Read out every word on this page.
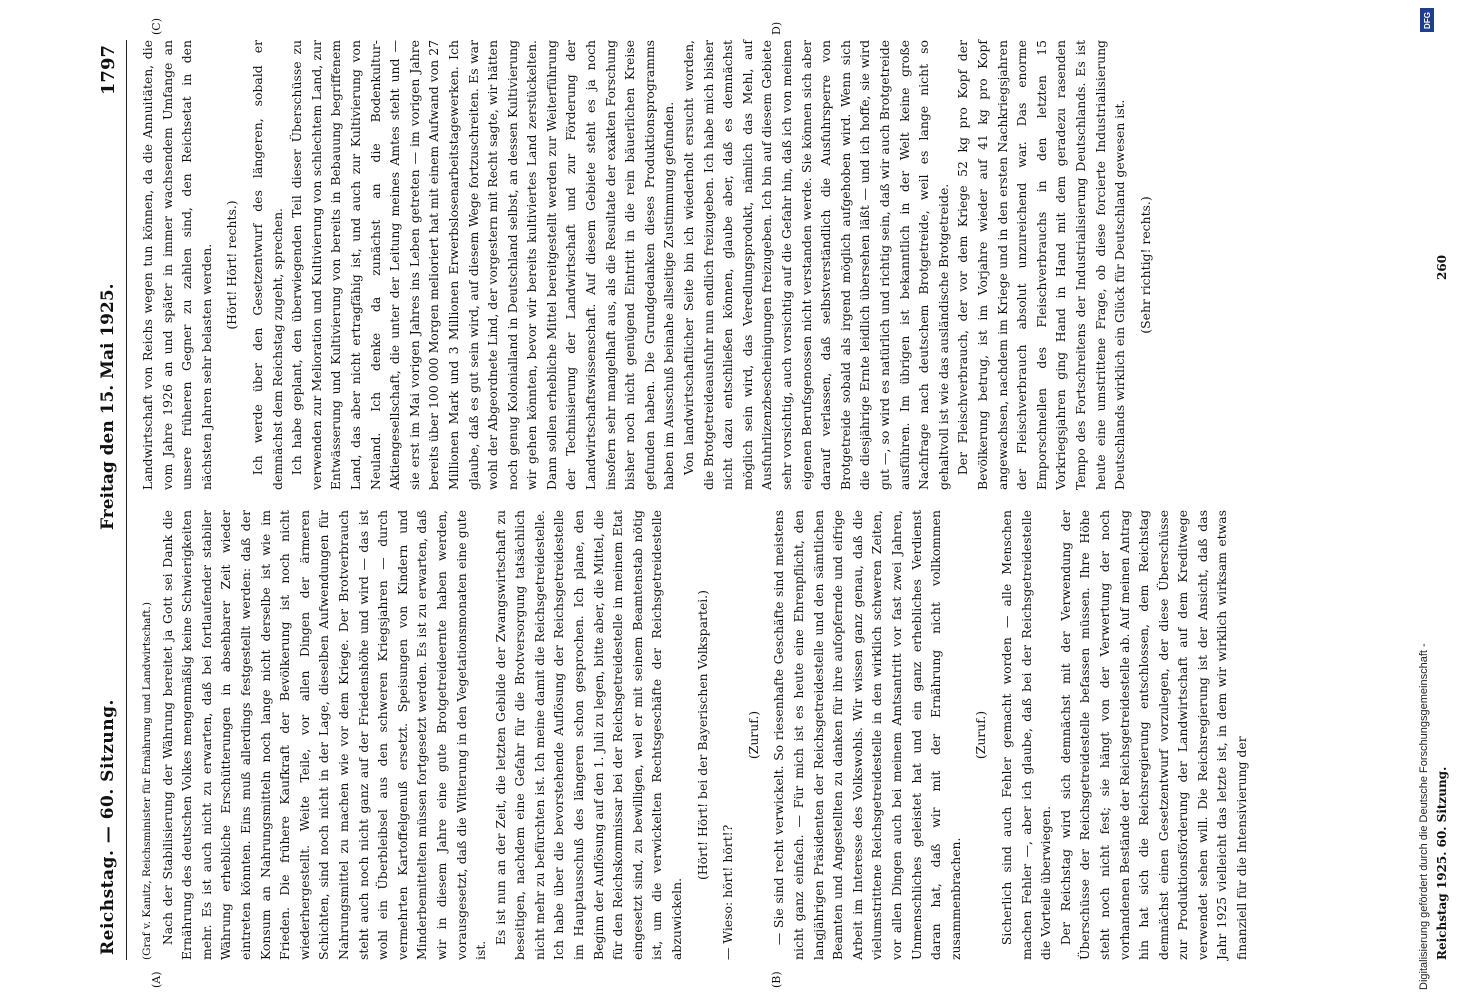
Reichstag. — 60. Sitzung.
Freitag den 15. Mai 1925.
1797

(Graf v. Kanitz, Reichsminister für Ernährung und Landwirtschaft.) Nach der Stabilisierung der Währung bereitet ja Gott sei Dank die Ernährung des deutschen Volkes mengenmäßig keine Schwierigkeiten mehr. Es ist auch nicht zu erwarten, daß bei fortlaufender stabiler Währung erhebliche Erschütterungen in absehbarer Zeit wieder eintreten könnten. Eins muß allerdings festgestellt werden: daß der Konsum an Nahrungsmitteln noch lange nicht derselbe ist wie im Frieden. Die frühere Kaufkraft der Bevölkerung ist noch nicht wiederhergestellt. Weite Teile, vor allen Dingen der ärmeren Schichten, sind noch nicht in der Lage, dieselben Aufwendungen für Nahrungsmittel zu machen wie vor dem Kriege. Der Brotverbrauch steht auch noch nicht ganz auf der Friedenshöhe und wird — das ist wohl ein Überbleibsel aus den schweren Kriegsjahren — durch vermehrten Kartoffelgenuß ersetzt. Speisungen von Kindern und Minderbemittelten müssen fortgesetzt werden. Es ist zu erwarten, daß wir in diesem Jahre eine gute Brotgetreideernte haben werden, vorausgesetzt, daß die Witterung in den Vegetationsmonaten eine gute ist.

Es ist nun an der Zeit, die letzten Gebilde der Zwangswirtschaft zu beseitigen, nachdem eine Gefahr für die Brotversorgung tatsächlich nicht mehr zu befürchten ist. Ich meine damit die Reichsgetreidestelle. Ich habe über die bevorstehende Auflösung der Reichsgetreidestelle im Hauptausschuß des längeren schon gesprochen. Ich plane, den Beginn der Auflösung auf den 1. Juli zu legen, bitte aber, die Mittel, die für den Reichskommissar bei der Reichsgetreidestelle in meinem Etat eingesetzt sind, zu bewilligen, weil er mit seinem Beamtenstab nötig ist, um die verwickelten Rechtsgeschäfte der Reichsgetreidestelle abzuwickeln.

(Hört! Hört! bei der Bayerischen Volkspartei.)

— Wieso: hört! hört!?

(Zuruf.) — Sie sind recht verwickelt. So riesenhafte Geschäfte sind meistens nicht ganz einfach. — Für mich ist es heute eine Ehrenpflicht, den langjährigen Präsidenten der Reichsgetreidestelle und den sämtlichen Beamten und Angestellten zu danken für ihre aufopfernde und eifrige Arbeit im Interesse des Volkswohls. Wir wissen ganz genau, daß die vielumstrittene Reichsgetreidestelle in den wirklich schweren Zeiten, vor allen Dingen auch bei meinem Amtsantritt vor fast zwei Jahren, Unmenschliches geleistet hat und ein ganz erhebliches Verdienst daran hat, daß wir mit der Ernährung nicht vollkommen zusammenbrachen.

(Zuruf.) Sicherlich sind auch Fehler gemacht worden — alle Menschen machen Fehler —, aber ich glaube, daß bei der Reichsgetreidestelle die Vorteile überwiegen. Der Reichstag wird sich demnächst mit der Verwendung der Überschüsse der Reichsgetreidestelle befassen müssen. Ihre Höhe steht noch nicht fest; sie hängt von der Verwertung der noch vorhandenen Bestände der Reichsgetreidestelle ab. Auf meinen Antrag hin hat sich die Reichsregierung entschlossen, dem Reichstag demnächst einen Gesetzentwurf vorzulegen, der diese Überschüsse zur Produktionsförderung der Landwirtschaft auf dem Kreditwege verwendet sehen will. Die Reichsregierung ist der Ansicht, daß das Jahr 1925 vielleicht das letzte ist, in dem wir wirklich wirksam etwas finanziell für die Intensivierung der

Landwirtschaft von Reichs wegen tun können, da die Annuitäten, die vom Jahre 1926 an und später in immer wachsendem Umfange an unsere früheren Gegner zu zahlen sind, den Reichsetat in den nächsten Jahren sehr belasten werden. (Hört! Hört! rechts.) Ich werde über den Gesetzentwurf des längeren, sobald er demnächst dem Reichstag zugeht, sprechen. Ich habe geplant, den überwiegenden Teil dieser Überschüsse zu verwenden zur Melioration und Kultivierung von schlechtem Land, zur Entwässerung und Kultivierung von bereits in Bebauung begriffenem Land, das aber nicht ertragfähig ist, und auch zur Kultivierung von Neuland. Ich denke da zunächst an die Bodenkultur-Aktiengesellschaft, die unter der Leitung meines Amtes steht und — sie erst im Mai vorigen Jahres ins Leben getreten — im vorigen Jahre bereits über 100 000 Morgen melioriert hat mit einem Aufwand von 27 Millionen Mark und 3 Millionen Erwerbslosenarbeitstagewerken. Ich glaube, daß es gut sein wird, auf diesem Wege fortzuschreiten. Es war wohl der Abgeordnete Lind, der vorgestern mit Recht sagte, wir hätten noch genug Kolonialland in Deutschland selbst, an dessen Kultivierung wir gehen könnten, bevor wir bereits kultiviertes Land zerstückelten. Dann sollen erhebliche Mittel bereitgestellt werden zur Weiterführung der Technisierung der Landwirtschaft und zur Förderung der Landwirtschaftswissenschaft. Auf diesem Gebiete steht es ja noch insofern sehr mangelhaft aus, als die Resultate der exakten Forschung bisher noch nicht genügend Eintritt in die rein bäuerlichen Kreise gefunden haben. Die Grundgedanken dieses Produktionsprogramms haben im Ausschuß beinahe allseitige Zustimmung gefunden. Von landwirtschaftlicher Seite bin ich wiederholt ersucht worden, die Brotgetreideausfuhr nun endlich freizugeben. Ich habe mich bisher nicht dazu entschließen können, glaube aber, daß es demnächst möglich sein wird, das Veredlungsprodukt, nämlich das Mehl, auf Ausfuhrlizenzbescheinigungen freizugeben. Ich bin auf diesem Gebiete sehr vorsichtig, auch vorsichtig auf die Gefahr hin, daß ich von meinen eigenen Berufsgenossen nicht verstanden werde. Sie können sich aber darauf verlassen, daß selbstverständlich die Ausfuhrsperre von Brotgetreide sobald als irgend möglich aufgehoben wird. Wenn sich die diesjährige Ernte leidlich übersehen läßt — und ich hoffe, sie wird gut —, so wird es natürlich und richtig sein, daß wir auch Brotgetreide ausführen. Im übrigen ist bekanntlich in der Welt keine große Nachfrage nach deutschem Brotgetreide, weil es lange nicht so gehaltvoll ist wie das ausländische Brotgetreide. Der Fleischverbrauch, der vor dem Kriege 52 kg pro Kopf der Bevölkerung betrug, ist im Vorjahre wieder auf 41 kg pro Kopf angewachsen, nachdem im Kriege und in den ersten Nachkriegsjahren der Fleischverbrauch absolut unzureichend war. Das enorme Emporschnellen des Fleischverbrauchs in den letzten 15 Vorkriegsjahren ging Hand in Hand mit dem geradezu rasenden Tempo des Fortschreitens der Industrialisierung Deutschlands. Es ist heute eine umstrittene Frage, ob diese forcierte Industrialisierung Deutschlands wirklich ein Glück für Deutschland gewesen ist. (Sehr richtig! rechts.)

(A)	(B)
(C)	D)
Reichstag 1925. 60. Sitzung.
260
Digitalisierung gefördert durch die Deutsche Forschungsgemeinschaft -
DFG
